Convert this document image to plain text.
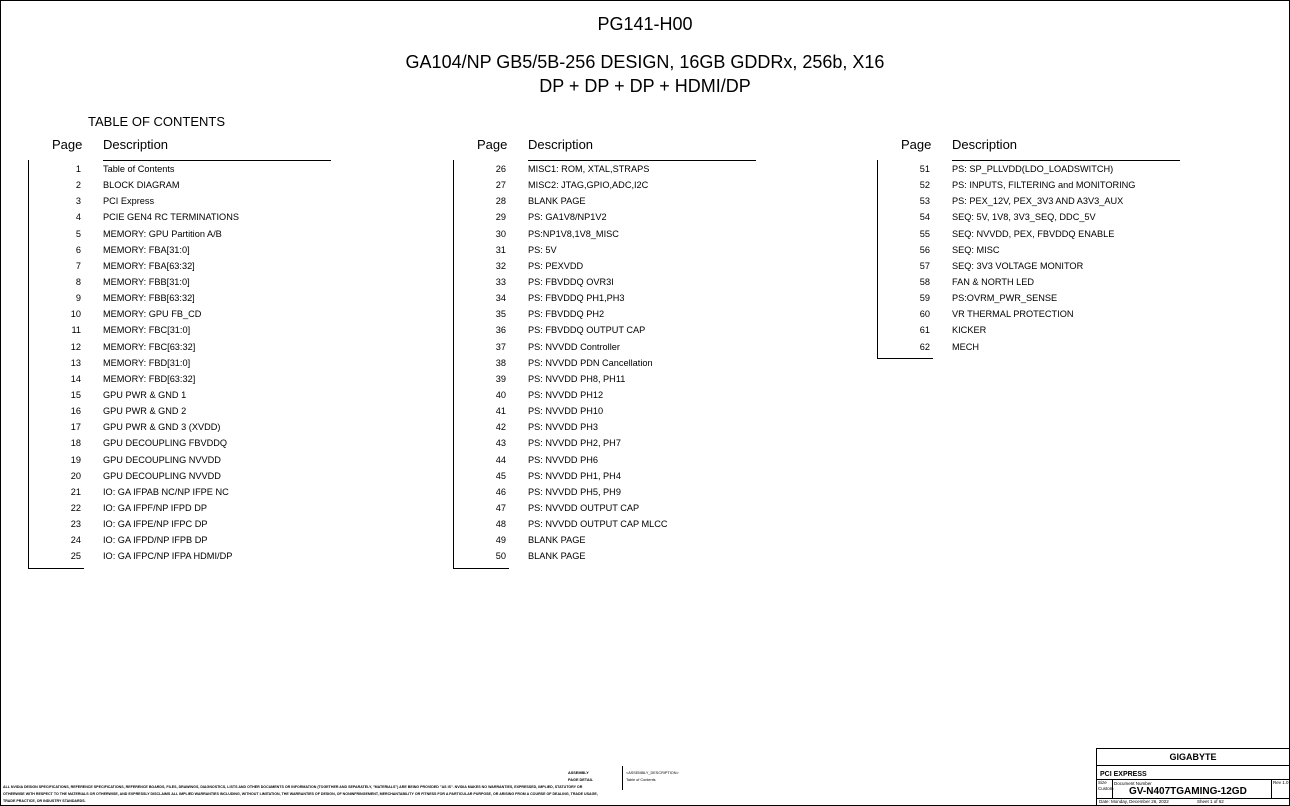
PG141-H00
GA104/NP GB5/5B-256 DESIGN, 16GB GDDRx, 256b, X16
DP + DP + DP + HDMI/DP
TABLE OF CONTENTS
Page Description
1 Table of Contents
2 BLOCK DIAGRAM
3 PCI Express
4 PCIE GEN4 RC TERMINATIONS
5 MEMORY: GPU Partition A/B
6 MEMORY: FBA[31:0]
7 MEMORY: FBA[63:32]
8 MEMORY: FBB[31:0]
9 MEMORY: FBB[63:32]
10 MEMORY: GPU FB_CD
11 MEMORY: FBC[31:0]
12 MEMORY: FBC[63:32]
13 MEMORY: FBD[31:0]
14 MEMORY: FBD[63:32]
15 GPU PWR & GND 1
16 GPU PWR & GND 2
17 GPU PWR & GND 3 (XVDD)
18 GPU DECOUPLING FBVDDQ
19 GPU DECOUPLING NVVDD
20 GPU DECOUPLING NVVDD
21 IO: GA IFPAB NC/NP IFPE NC
22 IO: GA IFPF/NP IFPD DP
23 IO: GA IFPE/NP IFPC DP
24 IO: GA IFPD/NP IFPB DP
25 IO: GA IFPC/NP IFPA HDMI/DP
Page Description
26 MISC1: ROM, XTAL,STRAPS
27 MISC2: JTAG,GPIO,ADC,I2C
28 BLANK PAGE
29 PS: GA1V8/NP1V2
30 PS:NP1V8,1V8_MISC
31 PS: 5V
32 PS: PEXVDD
33 PS: FBVDDQ OVR3I
34 PS: FBVDDQ PH1,PH3
35 PS: FBVDDQ PH2
36 PS: FBVDDQ OUTPUT CAP
37 PS: NVVDD Controller
38 PS: NVVDD PDN Cancellation
39 PS: NVVDD PH8, PH11
40 PS: NVVDD PH12
41 PS: NVVDD PH10
42 PS: NVVDD PH3
43 PS: NVVDD PH2, PH7
44 PS: NVVDD PH6
45 PS: NVVDD PH1, PH4
46 PS: NVVDD PH5, PH9
47 PS: NVVDD OUTPUT CAP
48 PS: NVVDD OUTPUT CAP MLCC
49 BLANK PAGE
50 BLANK PAGE
Page Description
51 PS: SP_PLLVDD(LDO_LOADSWITCH)
52 PS: INPUTS, FILTERING and MONITORING
53 PS: PEX_12V, PEX_3V3 AND A3V3_AUX
54 SEQ: 5V, 1V8, 3V3_SEQ, DDC_5V
55 SEQ: NVVDD, PEX, FBVDDQ ENABLE
56 SEQ: MISC
57 SEQ: 3V3 VOLTAGE MONITOR
58 FAN & NORTH LED
59 PS:OVRM_PWR_SENSE
60 VR THERMAL PROTECTION
61 KICKER
62 MECH
ALL NVIDIA DESIGN SPECIFICATIONS, REFERENCE SPECIFICATIONS, REFERENCE BOARDS, FILES, DRAWINGS, DIAGNOSTICS, LISTS AND OTHER DOCUMENTS OR INFORMATION (TOGETHER AND SEPARATELY, "MATERIALS") ARE BEING PROVIDED "AS IS". NVIDIA MAKES NO WARRANTIES, EXPRESSED, IMPLIED, STATUTORY OR OTHERWISE WITH RESPECT TO THE MATERIALS OR OTHERWISE, AND EXPRESSLY DISCLAIMS ALL IMPLIED WARRANTIES INCLUDING, WITHOUT LIMITATION, THE WARRANTIES OF DESIGN, OF NONINFRINGEMENT, MERCHANTABILITY OR FITNESS FOR A PARTICULAR PURPOSE, OR ARISING FROM A COURSE OF DEALING, TRADE USAGE, TRADE PRACTICE, OR INDUSTRY STANDARDS.
ASSEMBLY
PAGE DETAIL
<ASSEMBLY_DESCRIPTION>
Table of Contents
GIGABYTE
PCI EXPRESS
Size Custom
Document Number
GV-N407TGAMING-12GD
Rev 1.0
Date: Monday, December 26, 2022	Sheet 1 of 62
